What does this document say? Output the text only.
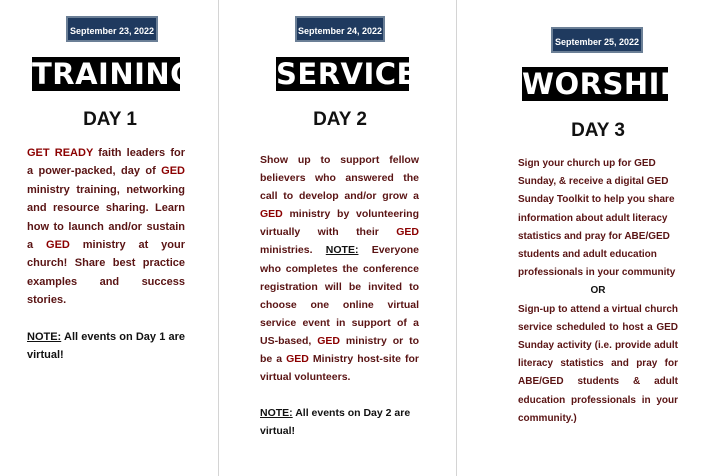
September 23, 2022
TRAINING
DAY 1

GET READY faith leaders for a power-packed, day of GED ministry training, networking and resource sharing. Learn how to launch and/or sustain a GED ministry at your church! Share best practice examples and success stories.

NOTE: All events on Day 1 are virtual!

September 24, 2022
SERVICE
DAY 2

Show up to support fellow believers who answered the call to develop and/or grow a GED ministry by volunteering virtually with their GED ministries. NOTE: Everyone who completes the conference registration will be invited to choose one online virtual service event in support of a US-based, GED ministry or to be a GED Ministry host-site for virtual volunteers.

NOTE: All events on Day 2 are virtual!

September 25, 2022
WORSHIP
DAY 3

Sign your church up for GED Sunday, & receive a digital GED Sunday Toolkit to help you share information about adult literacy statistics and pray for ABE/GED students and adult education professionals in your community

OR

Sign-up to attend a virtual church service scheduled to host a GED Sunday activity (i.e. provide adult literacy statistics and pray for ABE/GED students & adult education professionals in your community.)
